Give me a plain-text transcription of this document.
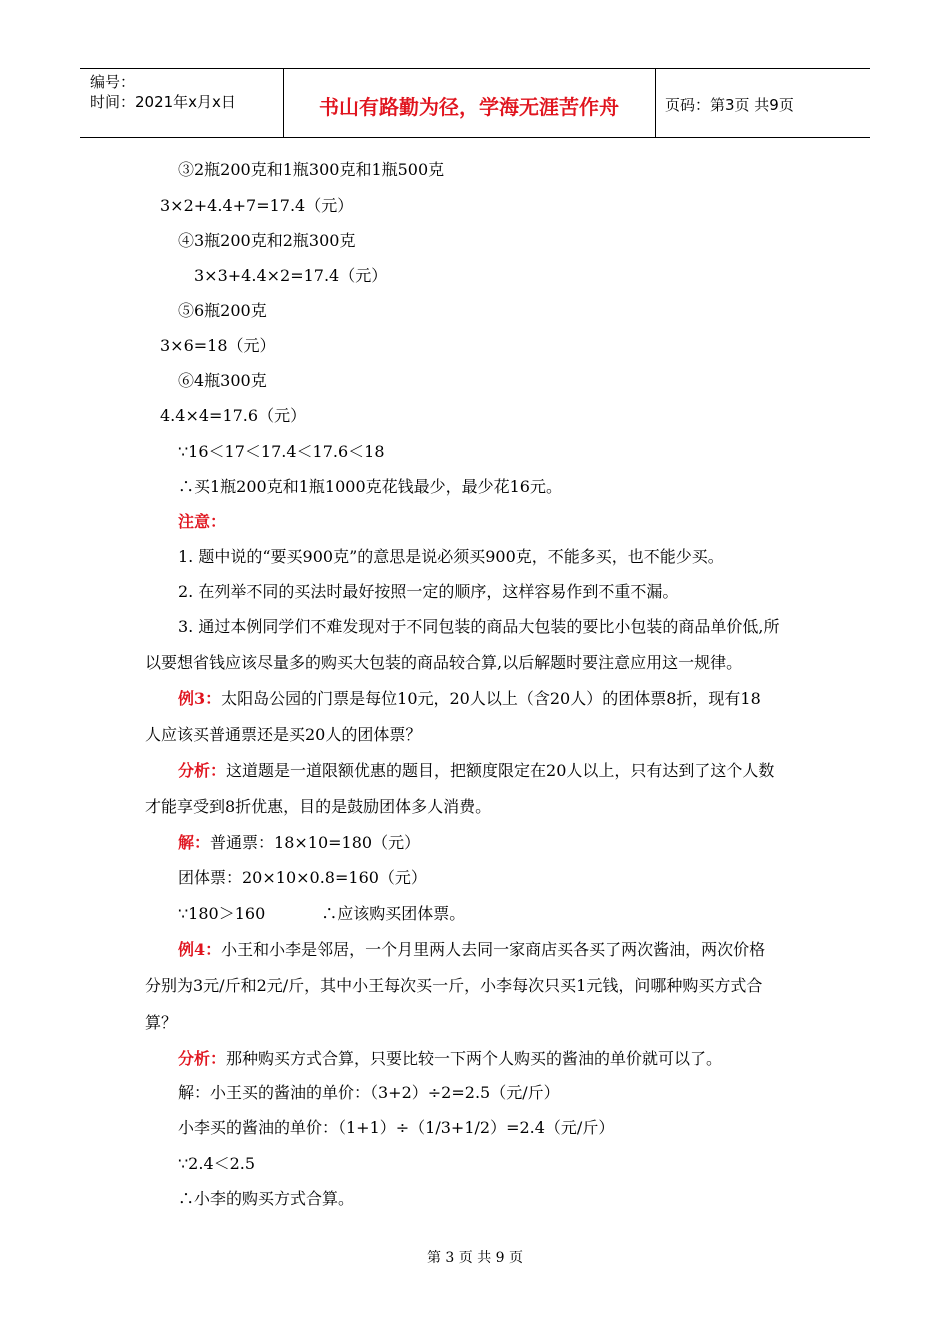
编号：
时间：2021年x月x日	书山有路勤为径，学海无涯苦作舟	页码：第3页 共9页
③2瓶200克和1瓶300克和1瓶500克
3×2+4.4+7=17.4（元）
④3瓶200克和2瓶300克
3×3+4.4×2=17.4（元）
⑤6瓶200克
3×6=18（元）
⑥4瓶300克
4.4×4=17.6（元）
∵16＜17＜17.4＜17.6＜18
∴买1瓶200克和1瓶1000克花钱最少，最少花16元。
注意：
1. 题中说的“要买900克”的意思是说必须买900克，不能多买，也不能少买。
2. 在列举不同的买法时最好按照一定的顺序，这样容易作到不重不漏。
3. 通过本例同学们不难发现对于不同包装的商品大包装的要比小包装的商品单价低,所
以要想省钱应该尽量多的购买大包装的商品较合算,以后解题时要注意应用这一规律。
例3：太阳岛公园的门票是每位10元，20人以上（含20人）的团体票8折，现有18
人应该买普通票还是买20人的团体票？
分析：这道题是一道限额优惠的题目，把额度限定在20人以上，只有达到了这个人数
才能享受到8折优惠，目的是鼓励团体多人消费。
解：普通票：18×10=180（元）
团体票：20×10×0.8=160（元）
∵180＞160	∴应该购买团体票。
例4：小王和小李是邻居，一个月里两人去同一家商店买各买了两次酱油，两次价格
分别为3元/斤和2元/斤，其中小王每次买一斤，小李每次只买1元钱，问哪种购买方式合
算？
分析：那种购买方式合算，只要比较一下两个人购买的酱油的单价就可以了。
解：小王买的酱油的单价：（3+2）÷2=2.5（元/斤）
小李买的酱油的单价：（1+1）÷（1/3+1/2）=2.4（元/斤）
∵2.4＜2.5
∴小李的购买方式合算。
第 3 页 共 9 页
